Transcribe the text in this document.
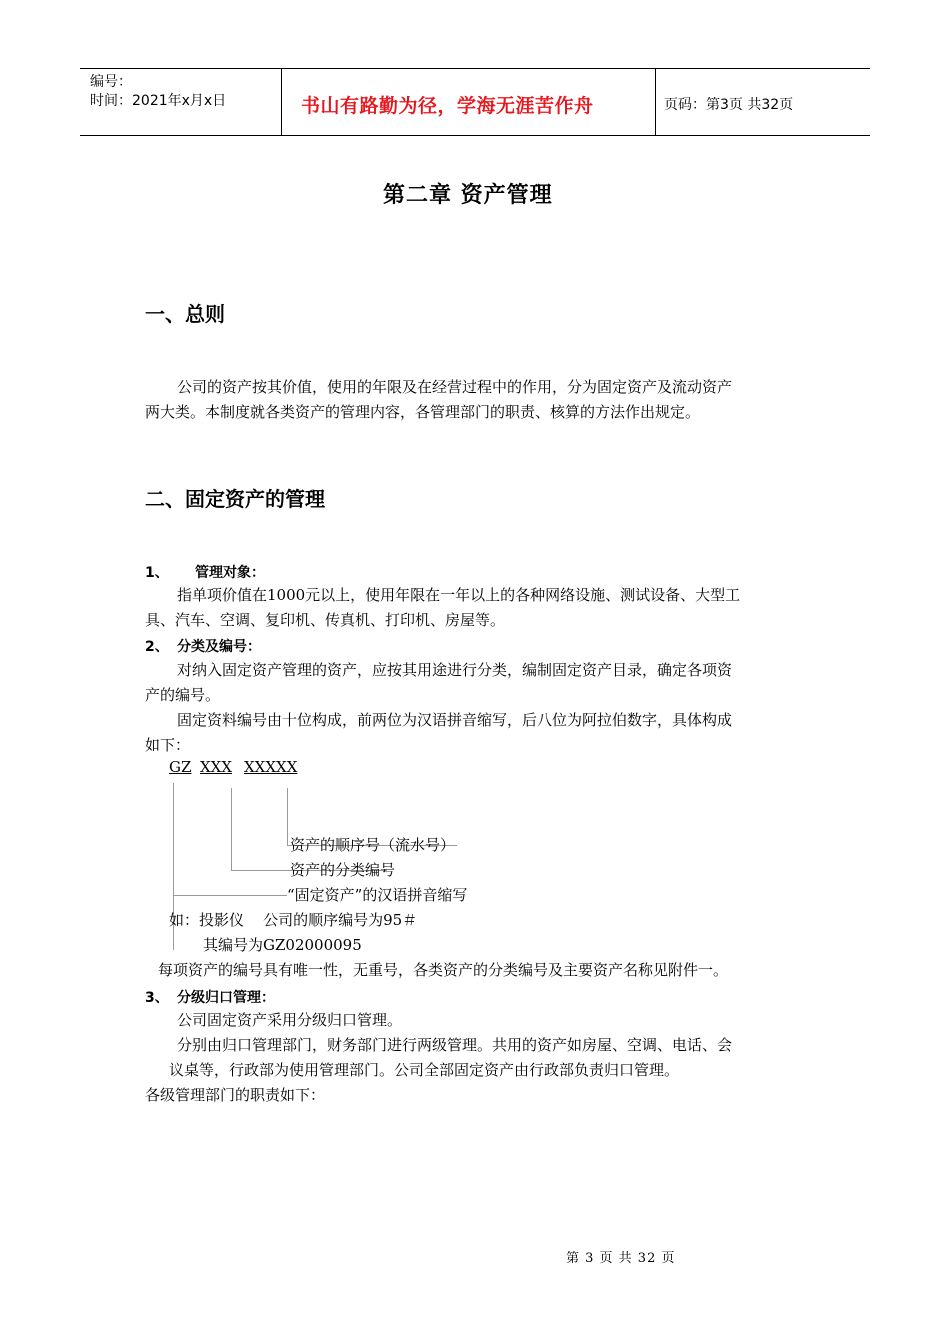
编号：
时间：2021年x月x日	书山有路勤为径，学海无涯苦作舟	页码：第3页 共32页
第二章 资产管理
一、总则
公司的资产按其价值，使用的年限及在经营过程中的作用，分为固定资产及流动资产
两大类。本制度就各类资产的管理内容，各管理部门的职责、核算的方法作出规定。
二、固定资产的管理
1、 管理对象：
指单项价值在1000元以上，使用年限在一年以上的各种网络设施、测试设备、大型工
具、汽车、空调、复印机、传真机、打印机、房屋等。
2、 分类及编号：
对纳入固定资产管理的资产，应按其用途进行分类，编制固定资产目录，确定各项资
产的编号。
固定资料编号由十位构成，前两位为汉语拼音缩写，后八位为阿拉伯数字，具体构成
如下：
GZ XXX XXXXX
资产的顺序号（流水号）
资产的分类编号
“固定资产”的汉语拼音缩写
如：投影仪    公司的顺序编号为95＃
其编号为GZ02000095
每项资产的编号具有唯一性，无重号，各类资产的分类编号及主要资产名称见附件一。
3、 分级归口管理：
公司固定资产采用分级归口管理。
分别由归口管理部门，财务部门进行两级管理。共用的资产如房屋、空调、电话、会
议桌等，行政部为使用管理部门。公司全部固定资产由行政部负责归口管理。
各级管理部门的职责如下：
第 3 页 共 32 页
